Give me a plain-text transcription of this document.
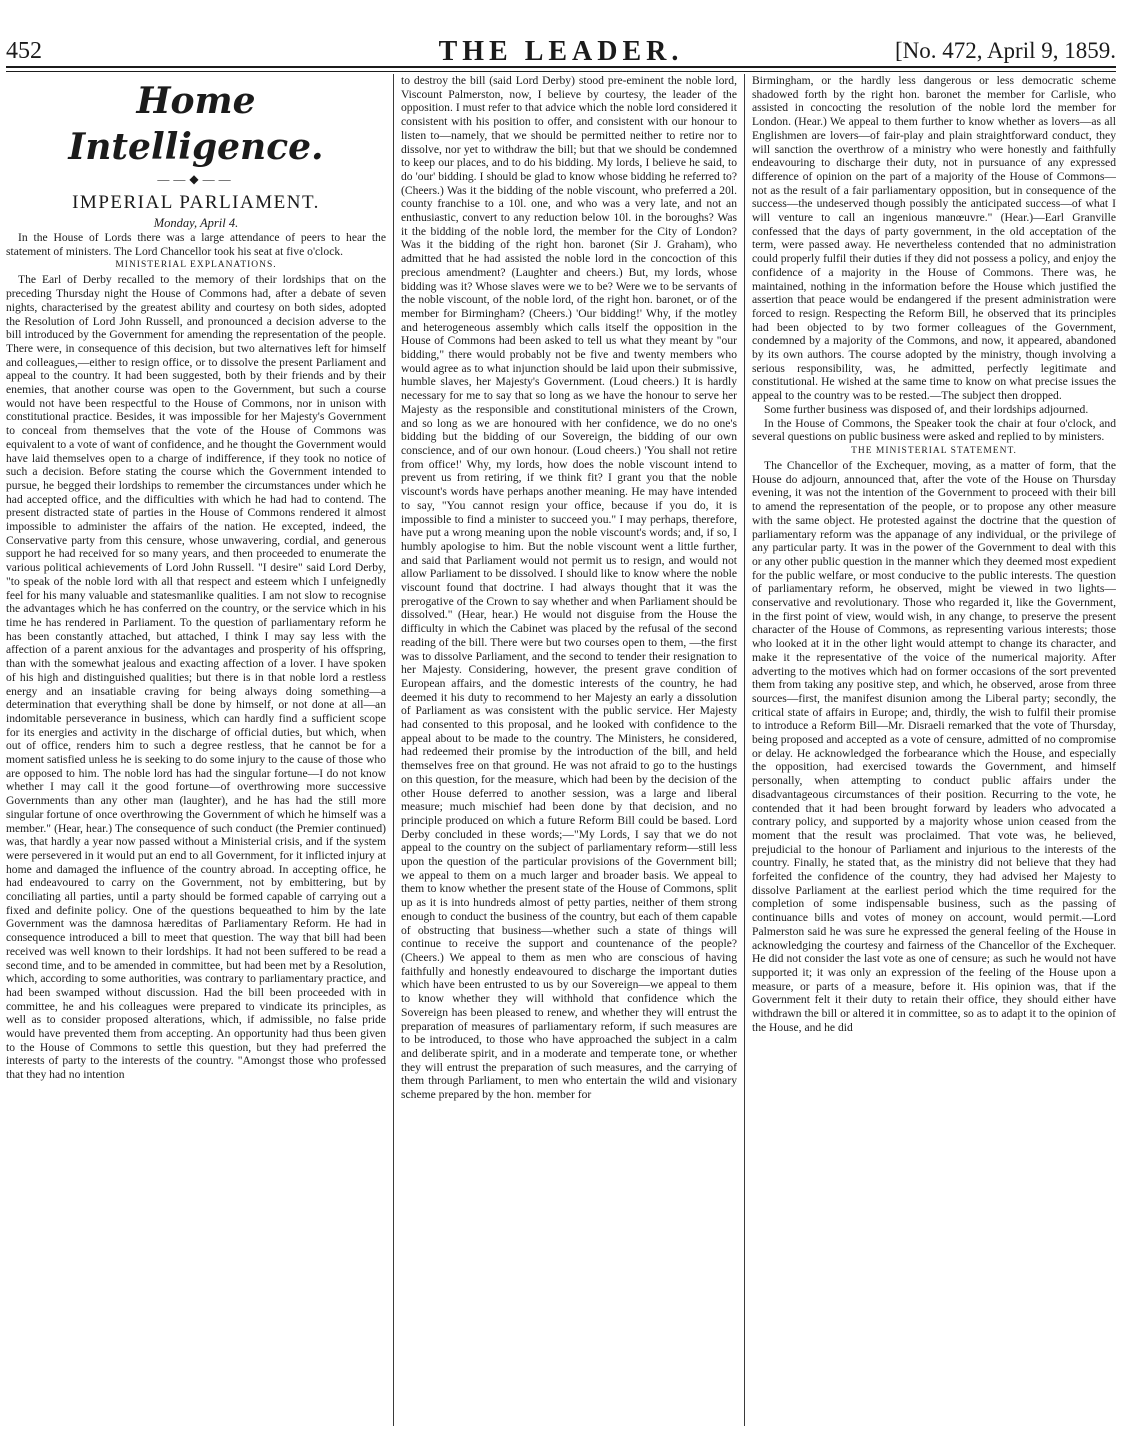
452	THE LEADER.	[No. 472, April 9, 1859.
Home Intelligence.
——◆——
IMPERIAL PARLIAMENT.
Monday, April 4.

In the House of Lords there was a large attendance of peers to hear the statement of ministers. The Lord Chancellor took his seat at five o'clock.

MINISTERIAL EXPLANATIONS.

The Earl of Derby recalled to the memory of their lordships that on the preceding Thursday night the House of Commons had, after a debate of seven nights, characterised by the greatest ability and courtesy on both sides, adopted the Resolution of Lord John Russell, and pronounced a decision adverse to the bill introduced by the Government for amending the representation of the people. There were, in consequence of this decision, but two alternatives left for himself and colleagues,—either to resign office, or to dissolve the present Parliament and appeal to the country. It had been suggested, both by their friends and by their enemies, that another course was open to the Government, but such a course would not have been respectful to the House of Commons, nor in unison with constitutional practice. Besides, it was impossible for her Majesty's Government to conceal from themselves that the vote of the House of Commons was equivalent to a vote of want of confidence, and he thought the Government would have laid themselves open to a charge of indifference, if they took no notice of such a decision. Before stating the course which the Government intended to pursue, he begged their lordships to remember the circumstances under which he had accepted office, and the difficulties with which he had had to contend. The present distracted state of parties in the House of Commons rendered it almost impossible to administer the affairs of the nation. He excepted, indeed, the Conservative party from this censure, whose unwavering, cordial, and generous support he had received for so many years, and then proceeded to enumerate the various political achievements of Lord John Russell. "I desire" said Lord Derby, "to speak of the noble lord with all that respect and esteem which I unfeignedly feel for his many valuable and statesmanlike qualities. I am not slow to recognise the advantages which he has conferred on the country, or the service which in his time he has rendered in Parliament. To the question of parliamentary reform he has been constantly attached, but attached, I think I may say less with the affection of a parent anxious for the advantages and prosperity of his offspring, than with the somewhat jealous and exacting affection of a lover. I have spoken of his high and distinguished qualities; but there is in that noble lord a restless energy and an insatiable craving for being always doing something—a determination that everything shall be done by himself, or not done at all—an indomitable perseverance in business, which can hardly find a sufficient scope for its energies and activity in the discharge of official duties, but which, when out of office, renders him to such a degree restless, that he cannot be for a moment satisfied unless he is seeking to do some injury to the cause of those who are opposed to him. The noble lord has had the singular fortune—I do not know whether I may call it the good fortune—of overthrowing more successive Governments than any other man (laughter), and he has had the still more singular fortune of once overthrowing the Government of which he himself was a member." (Hear, hear.) The consequence of such conduct (the Premier continued) was, that hardly a year now passed without a Ministerial crisis, and if the system were persevered in it would put an end to all Government, for it inflicted injury at home and damaged the influence of the country abroad. In accepting office, he had endeavoured to carry on the Government, not by embittering, but by conciliating all parties, until a party should be formed capable of carrying out a fixed and definite policy. One of the questions bequeathed to him by the late Government was the damnosa hæreditas of Parliamentary Reform. He had in consequence introduced a bill to meet that question. The way that bill had been received was well known to their lordships. It had not been suffered to be read a second time, and to be amended in committee, but had been met by a Resolution, which, according to some authorities, was contrary to parliamentary practice, and had been swamped without discussion. Had the bill been proceeded with in committee, he and his colleagues were prepared to vindicate its principles, as well as to consider proposed alterations, which, if admissible, no false pride would have prevented them from accepting. An opportunity had thus been given to the House of Commons to settle this question, but they had preferred the interests of party to the interests of the country. "Amongst those who professed that they had no intention

to destroy the bill (said Lord Derby) stood pre-eminent the noble lord, Viscount Palmerston, now, I believe by courtesy, the leader of the opposition. I must refer to that advice which the noble lord considered it consistent with his position to offer, and consistent with our honour to listen to—namely, that we should be permitted neither to retire nor to dissolve, nor yet to withdraw the bill; but that we should be condemned to keep our places, and to do his bidding. My lords, I believe he said, to do 'our' bidding. I should be glad to know whose bidding he referred to? (Cheers.) Was it the bidding of the noble viscount, who preferred a 20l. county franchise to a 10l. one, and who was a very late, and not an enthusiastic, convert to any reduction below 10l. in the boroughs? Was it the bidding of the noble lord, the member for the City of London? Was it the bidding of the right hon. baronet (Sir J. Graham), who admitted that he had assisted the noble lord in the concoction of this precious amendment? (Laughter and cheers.) But, my lords, whose bidding was it? Whose slaves were we to be? Were we to be servants of the noble viscount, of the noble lord, of the right hon. baronet, or of the member for Birmingham? (Cheers.) 'Our bidding!' Why, if the motley and heterogeneous assembly which calls itself the opposition in the House of Commons had been asked to tell us what they meant by "our bidding," there would probably not be five and twenty members who would agree as to what injunction should be laid upon their submissive, humble slaves, her Majesty's Government. (Loud cheers.) It is hardly necessary for me to say that so long as we have the honour to serve her Majesty as the responsible and constitutional ministers of the Crown, and so long as we are honoured with her confidence, we do no one's bidding but the bidding of our Sovereign, the bidding of our own conscience, and of our own honour. (Loud cheers.) 'You shall not retire from office!' Why, my lords, how does the noble viscount intend to prevent us from retiring, if we think fit? I grant you that the noble viscount's words have perhaps another meaning. He may have intended to say, "You cannot resign your office, because if you do, it is impossible to find a minister to succeed you." I may perhaps, therefore, have put a wrong meaning upon the noble viscount's words; and, if so, I humbly apologise to him. But the noble viscount went a little further, and said that Parliament would not permit us to resign, and would not allow Parliament to be dissolved. I should like to know where the noble viscount found that doctrine. I had always thought that it was the prerogative of the Crown to say whether and when Parliament should be dissolved." (Hear, hear.) He would not disguise from the House the difficulty in which the Cabinet was placed by the refusal of the second reading of the bill. There were but two courses open to them, —the first was to dissolve Parliament, and the second to tender their resignation to her Majesty. Considering, however, the present grave condition of European affairs, and the domestic interests of the country, he had deemed it his duty to recommend to her Majesty an early a dissolution of Parliament as was consistent with the public service. Her Majesty had consented to this proposal, and he looked with confidence to the appeal about to be made to the country. The Ministers, he considered, had redeemed their promise by the introduction of the bill, and held themselves free on that ground. He was not afraid to go to the hustings on this question, for the measure, which had been by the decision of the other House deferred to another session, was a large and liberal measure; much mischief had been done by that decision, and no principle produced on which a future Reform Bill could be based. Lord Derby concluded in these words;—"My Lords, I say that we do not appeal to the country on the subject of parliamentary reform—still less upon the question of the particular provisions of the Government bill; we appeal to them on a much larger and broader basis. We appeal to them to know whether the present state of the House of Commons, split up as it is into hundreds almost of petty parties, neither of them strong enough to conduct the business of the country, but each of them capable of obstructing that business—whether such a state of things will continue to receive the support and countenance of the people? (Cheers.) We appeal to them as men who are conscious of having faithfully and honestly endeavoured to discharge the important duties which have been entrusted to us by our Sovereign—we appeal to them to know whether they will withhold that confidence which the Sovereign has been pleased to renew, and whether they will entrust the preparation of measures of parliamentary reform, if such measures are to be introduced, to those who have approached the subject in a calm and deliberate spirit, and in a moderate and temperate tone, or whether they will entrust the preparation of such measures, and the carrying of them through Parliament, to men who entertain the wild and visionary scheme prepared by the hon. member for

Birmingham, or the hardly less dangerous or less democratic scheme shadowed forth by the right hon. baronet the member for Carlisle, who assisted in concocting the resolution of the noble lord the member for London. (Hear.) We appeal to them further to know whether as lovers—as all Englishmen are lovers—of fair-play and plain straightforward conduct, they will sanction the overthrow of a ministry who were honestly and faithfully endeavouring to discharge their duty, not in pursuance of any expressed difference of opinion on the part of a majority of the House of Commons—not as the result of a fair parliamentary opposition, but in consequence of the success—the undeserved though possibly the anticipated success—of what I will venture to call an ingenious manœuvre." (Hear.)—Earl Granville confessed that the days of party government, in the old acceptation of the term, were passed away. He nevertheless contended that no administration could properly fulfil their duties if they did not possess a policy, and enjoy the confidence of a majority in the House of Commons. There was, he maintained, nothing in the information before the House which justified the assertion that peace would be endangered if the present administration were forced to resign. Respecting the Reform Bill, he observed that its principles had been objected to by two former colleagues of the Government, condemned by a majority of the Commons, and now, it appeared, abandoned by its own authors. The course adopted by the ministry, though involving a serious responsibility, was, he admitted, perfectly legitimate and constitutional. He wished at the same time to know on what precise issues the appeal to the country was to be rested.—The subject then dropped.

Some further business was disposed of, and their lordships adjourned.

In the House of Commons, the Speaker took the chair at four o'clock, and several questions on public business were asked and replied to by ministers.

THE MINISTERIAL STATEMENT.

The Chancellor of the Exchequer, moving, as a matter of form, that the House do adjourn, announced that, after the vote of the House on Thursday evening, it was not the intention of the Government to proceed with their bill to amend the representation of the people, or to propose any other measure with the same object. He protested against the doctrine that the question of parliamentary reform was the appanage of any individual, or the privilege of any particular party. It was in the power of the Government to deal with this or any other public question in the manner which they deemed most expedient for the public welfare, or most conducive to the public interests. The question of parliamentary reform, he observed, might be viewed in two lights—conservative and revolutionary. Those who regarded it, like the Government, in the first point of view, would wish, in any change, to preserve the present character of the House of Commons, as representing various interests; those who looked at it in the other light would attempt to change its character, and make it the representative of the voice of the numerical majority. After adverting to the motives which had on former occasions of the sort prevented them from taking any positive step, and which, he observed, arose from three sources—first, the manifest disunion among the Liberal party; secondly, the critical state of affairs in Europe; and, thirdly, the wish to fulfil their promise to introduce a Reform Bill—Mr. Disraeli remarked that the vote of Thursday, being proposed and accepted as a vote of censure, admitted of no compromise or delay. He acknowledged the forbearance which the House, and especially the opposition, had exercised towards the Government, and himself personally, when attempting to conduct public affairs under the disadvantageous circumstances of their position. Recurring to the vote, he contended that it had been brought forward by leaders who advocated a contrary policy, and supported by a majority whose union ceased from the moment that the result was proclaimed. That vote was, he believed, prejudicial to the honour of Parliament and injurious to the interests of the country. Finally, he stated that, as the ministry did not believe that they had forfeited the confidence of the country, they had advised her Majesty to dissolve Parliament at the earliest period which the time required for the completion of some indispensable business, such as the passing of continuance bills and votes of money on account, would permit.—Lord Palmerston said he was sure he expressed the general feeling of the House in acknowledging the courtesy and fairness of the Chancellor of the Exchequer. He did not consider the last vote as one of censure; as such he would not have supported it; it was only an expression of the feeling of the House upon a measure, or parts of a measure, before it. His opinion was, that if the Government felt it their duty to retain their office, they should either have withdrawn the bill or altered it in committee, so as to adapt it to the opinion of the House, and he did
